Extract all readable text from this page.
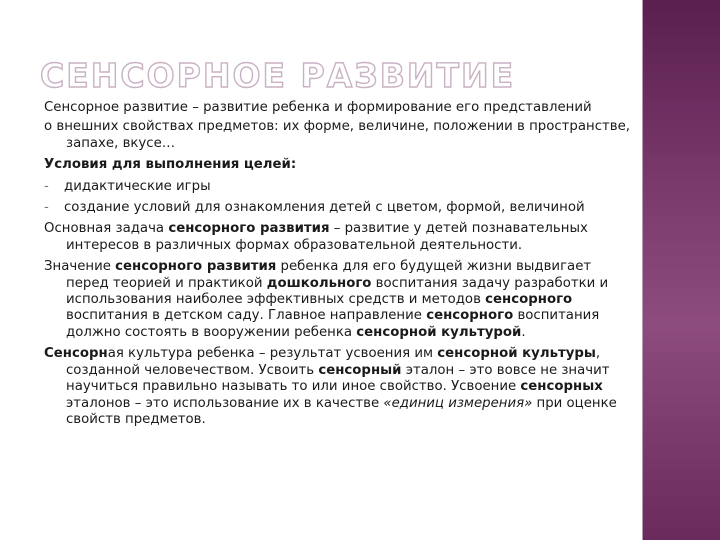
СЕНСОРНОЕ РАЗВИТИЕ

Сенсорное развитие – развитие ребенка и формирование его представлений

о внешних свойствах предметов: их форме, величине, положении в пространстве, запахе, вкусе…

Условия для выполнения целей:

- дидактические игры
- создание условий для ознакомления детей с цветом, формой, величиной

Основная задача сенсорного развития – развитие у детей познавательных интересов в различных формах образовательной деятельности.

Значение сенсорного развития ребенка для его будущей жизни выдвигает перед теорией и практикой дошкольного воспитания задачу разработки и использования наиболее эффективных средств и методов сенсорного воспитания в детском саду. Главное направление сенсорного воспитания должно состоять в вооружении ребенка сенсорной культурой.

Сенсорная культура ребенка – результат усвоения им сенсорной культуры, созданной человечеством. Усвоить сенсорный эталон – это вовсе не значит научиться правильно называть то или иное свойство. Усвоение сенсорных эталонов – это использование их в качестве «единиц измерения» при оценке свойств предметов.
